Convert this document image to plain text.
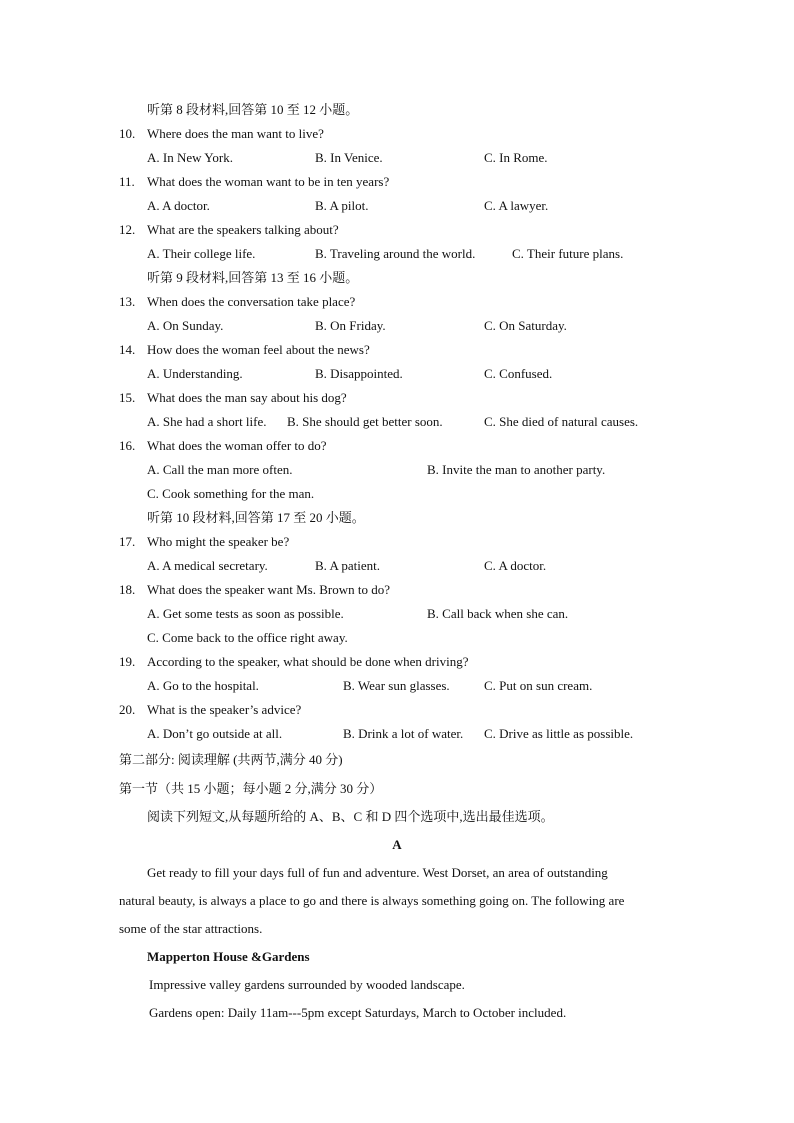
听第 8 段材料,回答第 10 至 12 小题。
10. Where does the man want to live?
A. In New York.	B. In Venice.	C. In Rome.
11. What does the woman want to be in ten years?
A. A doctor.	B. A pilot.	C. A lawyer.
12. What are the speakers talking about?
A. Their college life.	B. Traveling around the world.	C. Their future plans.
听第 9 段材料,回答第 13 至 16 小题。
13. When does the conversation take place?
A. On Sunday.	B. On Friday.	C. On Saturday.
14. How does the woman feel about the news?
A. Understanding.	B. Disappointed.	C. Confused.
15. What does the man say about his dog?
A. She had a short life. B. She should get better soon.	C. She died of natural causes.
16. What does the woman offer to do?
A. Call the man more often.	B. Invite the man to another party.
C. Cook something for the man.
听第 10 段材料,回答第 17 至 20 小题。
17. Who might the speaker be?
A. A medical secretary.	B. A patient.	C. A doctor.
18. What does the speaker want Ms. Brown to do?
A. Get some tests as soon as possible.	B. Call back when she can.
C. Come back to the office right away.
19. According to the speaker, what should be done when driving?
A. Go to the hospital.	B. Wear sun glasses.	C. Put on sun cream.
20. What is the speaker’s advice?
A. Don’t go outside at all.	B. Drink a lot of water. C. Drive as little as possible.
第二部分: 阅读理解 (共两节,满分 40 分)
第一节（共 15 小题；每小题 2 分,满分 30 分）
阅读下列短文,从每题所给的 A、B、C 和 D 四个选项中,选出最佳选项。
A
Get ready to fill your days full of fun and adventure. West Dorset, an area of outstanding
natural beauty, is always a place to go and there is always something going on. The following are
some of the star attractions.
Mapperton House &Gardens
Impressive valley gardens surrounded by wooded landscape.
Gardens open: Daily 11am---5pm except Saturdays, March to October included.
